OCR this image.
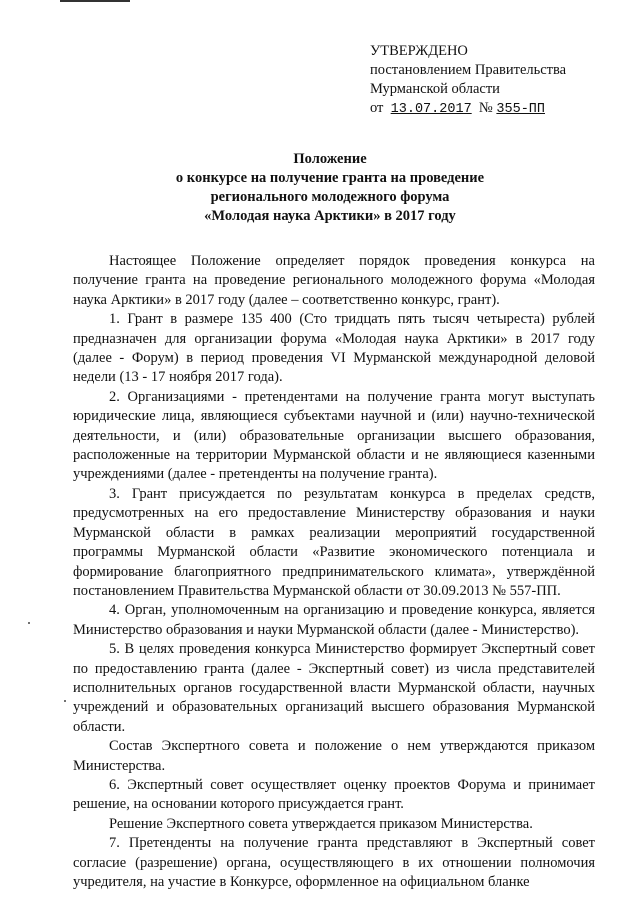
УТВЕРЖДЕНО
постановлением Правительства
Мурманской области
от 13.07.2017 № 355-ПП
Положение
о конкурсе на получение гранта на проведение
регионального молодежного форума
«Молодая наука Арктики» в 2017 году

Настоящее Положение определяет порядок проведения конкурса на получение гранта на проведение регионального молодежного форума «Молодая наука Арктики» в 2017 году (далее – соответственно конкурс, грант).

1. Грант в размере 135 400 (Сто тридцать пять тысяч четыреста) рублей предназначен для организации форума «Молодая наука Арктики» в 2017 году (далее - Форум) в период проведения VI Мурманской международной деловой недели (13 - 17 ноября 2017 года).

2. Организациями - претендентами на получение гранта могут выступать юридические лица, являющиеся субъектами научной и (или) научно-технической деятельности, и (или) образовательные организации высшего образования, расположенные на территории Мурманской области и не являющиеся казенными учреждениями (далее - претенденты на получение гранта).

3. Грант присуждается по результатам конкурса в пределах средств, предусмотренных на его предоставление Министерству образования и науки Мурманской области в рамках реализации мероприятий государственной программы Мурманской области «Развитие экономического потенциала и формирование благоприятного предпринимательского климата», утверждённой постановлением Правительства Мурманской области от 30.09.2013 № 557-ПП.

4. Орган, уполномоченным на организацию и проведение конкурса, является Министерство образования и науки Мурманской области (далее - Министерство).

5. В целях проведения конкурса Министерство формирует Экспертный совет по предоставлению гранта (далее - Экспертный совет) из числа представителей исполнительных органов государственной власти Мурманской области, научных учреждений и образовательных организаций высшего образования Мурманской области.

Состав Экспертного совета и положение о нем утверждаются приказом Министерства.

6. Экспертный совет осуществляет оценку проектов Форума и принимает решение, на основании которого присуждается грант.

Решение Экспертного совета утверждается приказом Министерства.

7. Претенденты на получение гранта представляют в Экспертный совет согласие (разрешение) органа, осуществляющего в их отношении полномочия учредителя, на участие в Конкурсе, оформленное на официальном бланке
